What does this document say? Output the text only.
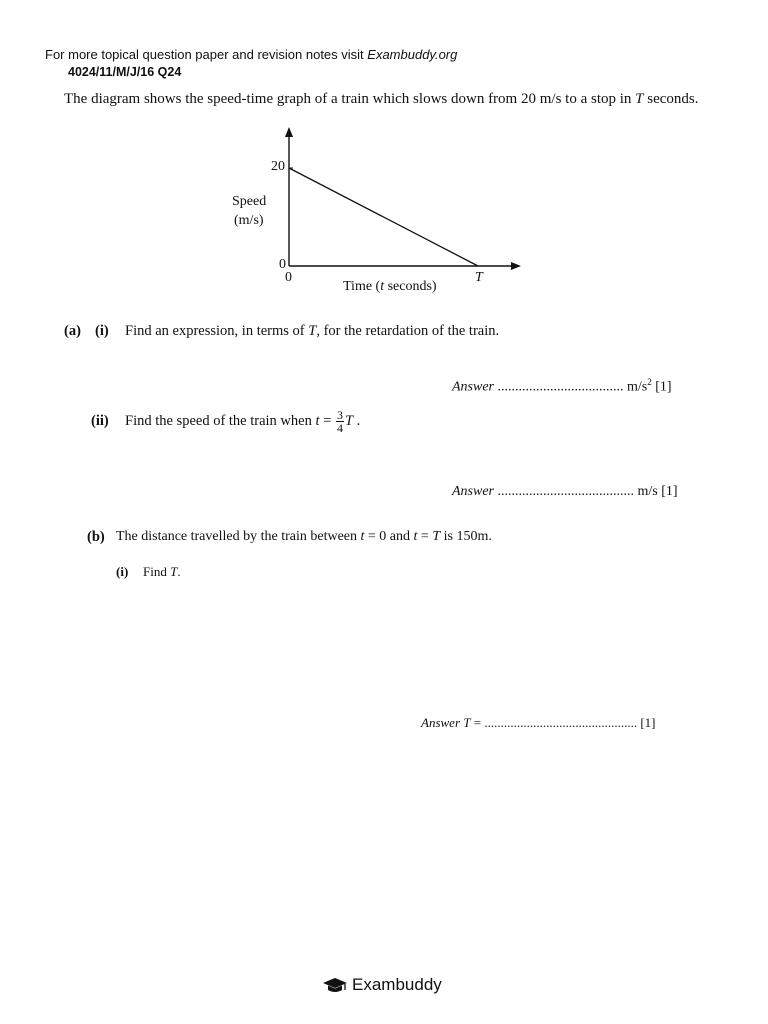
For more topical question paper and revision notes visit Exambuddy.org
4024/11/M/J/16 Q24
The diagram shows the speed-time graph of a train which slows down from 20 m/s to a stop in T seconds.
20
0
0	T
Speed
(m/s)
Time (t seconds)
(a) (i) Find an expression, in terms of T, for the retardation of the train.
Answer .................................... $m/s^2$ [1]
(ii) Find the speed of the train when $t = \frac{3}{4}$ T .
Answer ....................................... m/s [1]
(b) The distance travelled by the train between t = 0 and t = T is 150m.
(i) Find T.
Answer T = ............................................... [1]
Exambuddy
